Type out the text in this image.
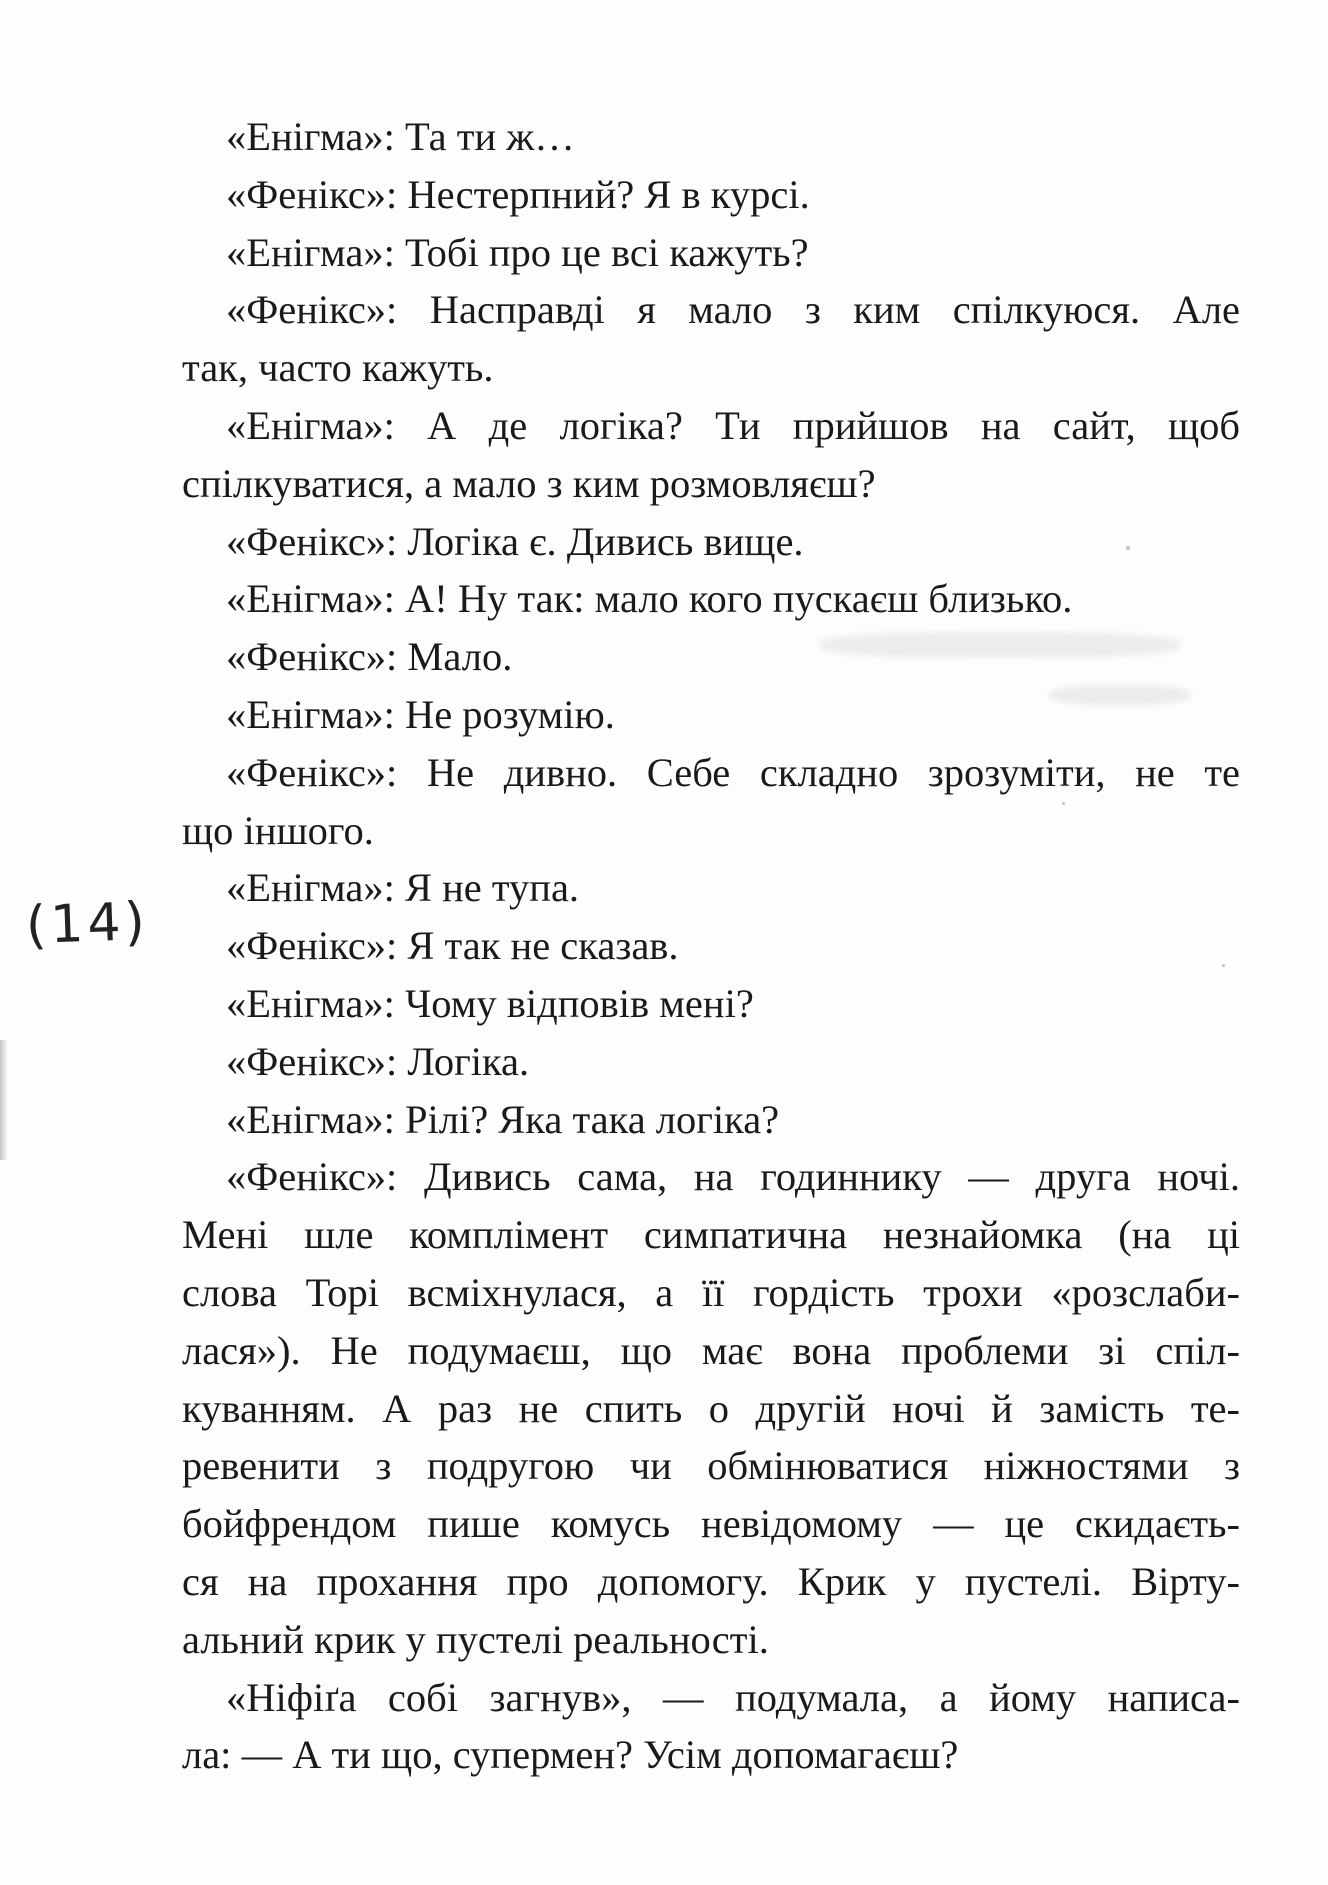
(14)

«Енігма»: Та ти ж…

«Фенікс»: Нестерпний? Я в курсі.

«Енігма»: Тобі про це всі кажуть?

«Фенікс»: Насправді я мало з ким спілкуюся. Але
так, часто кажуть.
«Енігма»: А де логіка? Ти прийшов на сайт, щоб
спілкуватися, а мало з ким розмовляєш?

«Фенікс»: Логіка є. Дивись вище.

«Енігма»: А! Ну так: мало кого пускаєш близько.

«Фенікс»: Мало.

«Енігма»: Не розумію.

«Фенікс»: Не дивно. Себе складно зрозуміти, не те
що іншого.

«Енігма»: Я не тупа.

«Фенікс»: Я так не сказав.

«Енігма»: Чому відповів мені?

«Фенікс»: Логіка.

«Енігма»: Рілі? Яка така логіка?

«Фенікс»: Дивись сама, на годиннику — друга ночі.
Мені шле комплімент симпатична незнайомка (на ці
слова Торі всміхнулася, а її гордість трохи «розслаби-
лася»). Не подумаєш, що має вона проблеми зі спіл-
куванням. А раз не спить о другій ночі й замість те-
ревенити з подругою чи обмінюватися ніжностями з
бойфрендом пише комусь невідомому — це скидаєть-
ся на прохання про допомогу. Крик у пустелі. Вірту-
альний крик у пустелі реальності.
«Ніфіґа собі загнув», — подумала, а йому написа-
ла: — А ти що, супермен? Усім допомагаєш?
